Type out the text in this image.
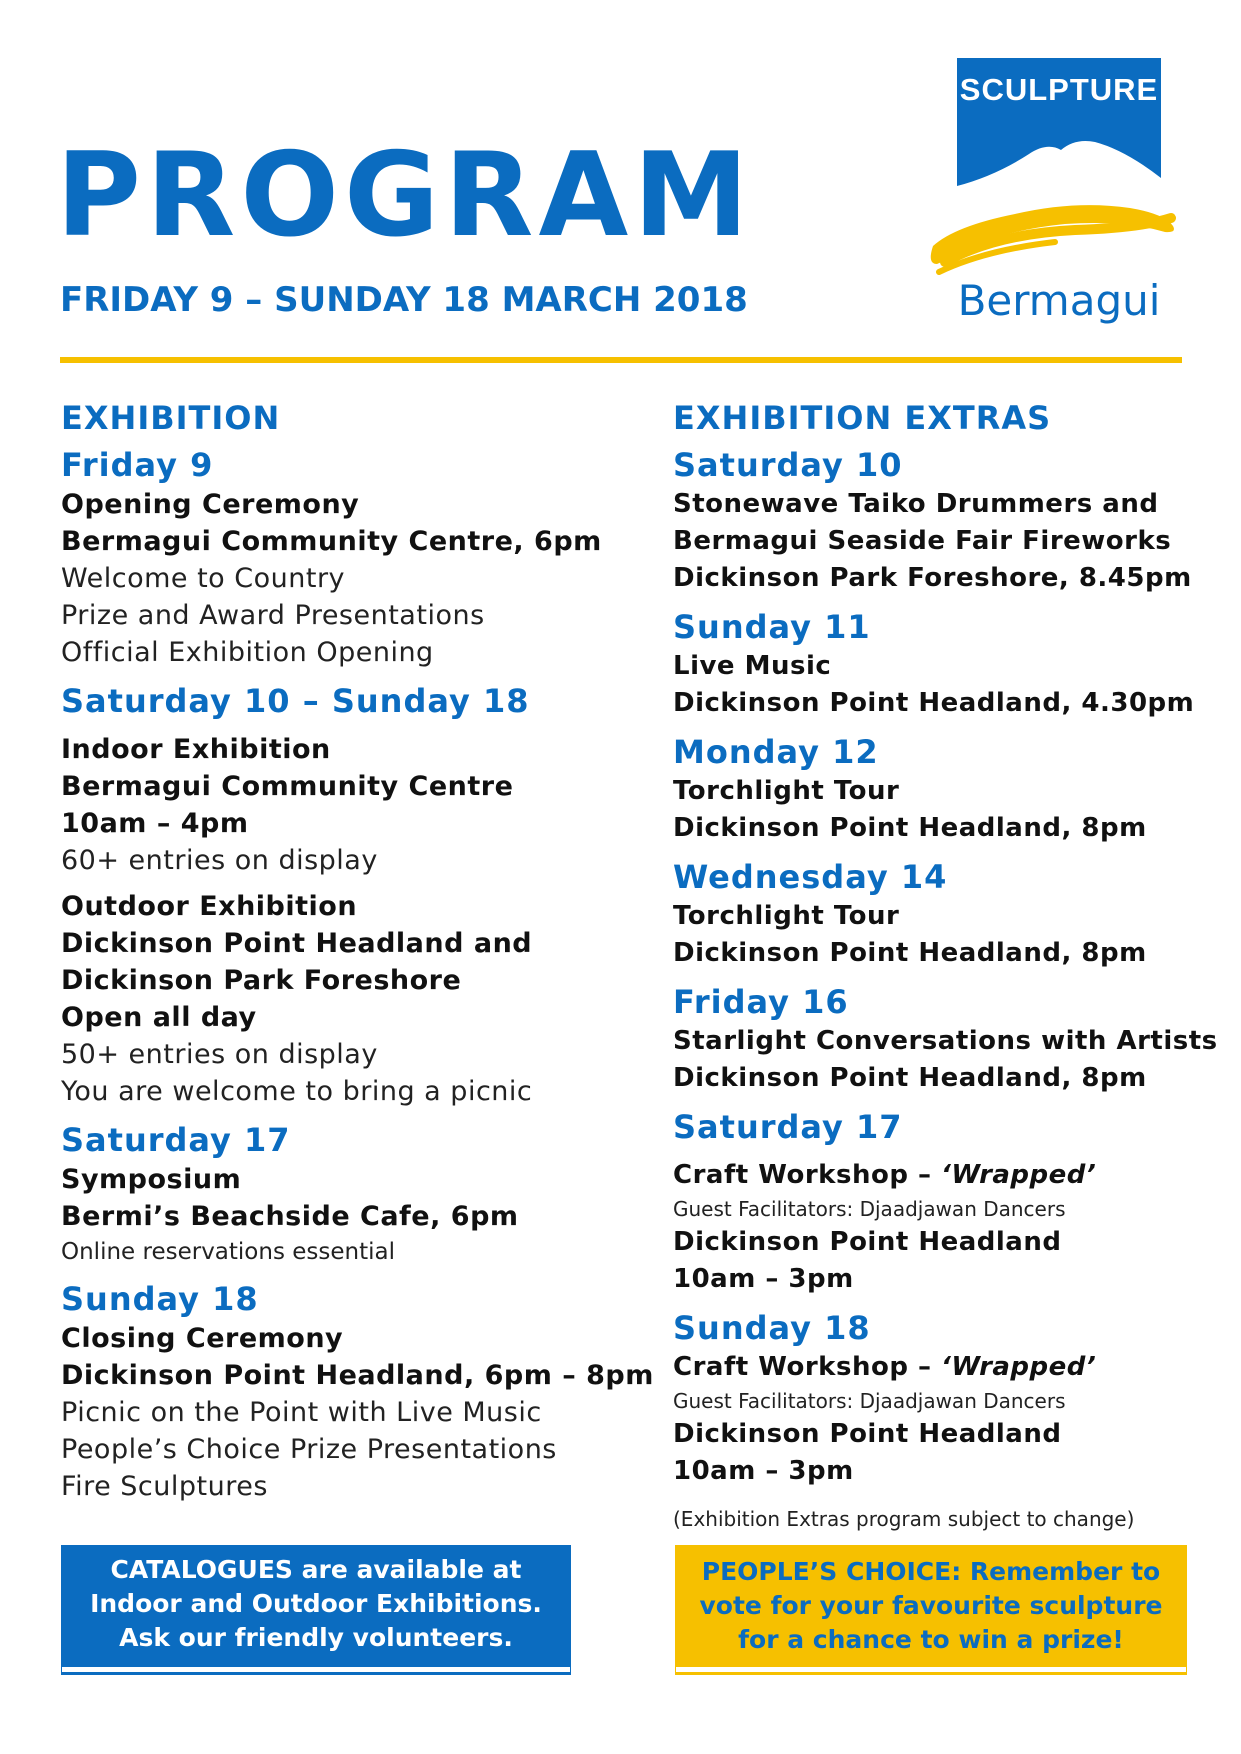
PROGRAM
FRIDAY 9 – SUNDAY 18 MARCH 2018
SCULPTURE
Bermagui
EXHIBITION
Friday 9
Opening Ceremony
Bermagui Community Centre, 6pm
Welcome to Country
Prize and Award Presentations
Official Exhibition Opening
Saturday 10 – Sunday 18
Indoor Exhibition
Bermagui Community Centre
10am – 4pm
60+ entries on display
Outdoor Exhibition
Dickinson Point Headland and
Dickinson Park Foreshore
Open all day
50+ entries on display
You are welcome to bring a picnic
Saturday 17
Symposium
Bermi’s Beachside Cafe, 6pm
Online reservations essential
Sunday 18
Closing Ceremony
Dickinson Point Headland, 6pm – 8pm
Picnic on the Point with Live Music
People’s Choice Prize Presentations
Fire Sculptures
EXHIBITION EXTRAS
Saturday 10
Stonewave Taiko Drummers and
Bermagui Seaside Fair Fireworks
Dickinson Park Foreshore, 8.45pm
Sunday 11
Live Music
Dickinson Point Headland, 4.30pm
Monday 12
Torchlight Tour
Dickinson Point Headland, 8pm
Wednesday 14
Torchlight Tour
Dickinson Point Headland, 8pm
Friday 16
Starlight Conversations with Artists
Dickinson Point Headland, 8pm
Saturday 17
Craft Workshop – ‘Wrapped’
Guest Facilitators: Djaadjawan Dancers
Dickinson Point Headland
10am – 3pm
Sunday 18
Craft Workshop – ‘Wrapped’
Guest Facilitators: Djaadjawan Dancers
Dickinson Point Headland
10am – 3pm
(Exhibition Extras program subject to change)
CATALOGUES are available at
Indoor and Outdoor Exhibitions.
Ask our friendly volunteers.
PEOPLE’S CHOICE: Remember to
vote for your favourite sculpture
for a chance to win a prize!
